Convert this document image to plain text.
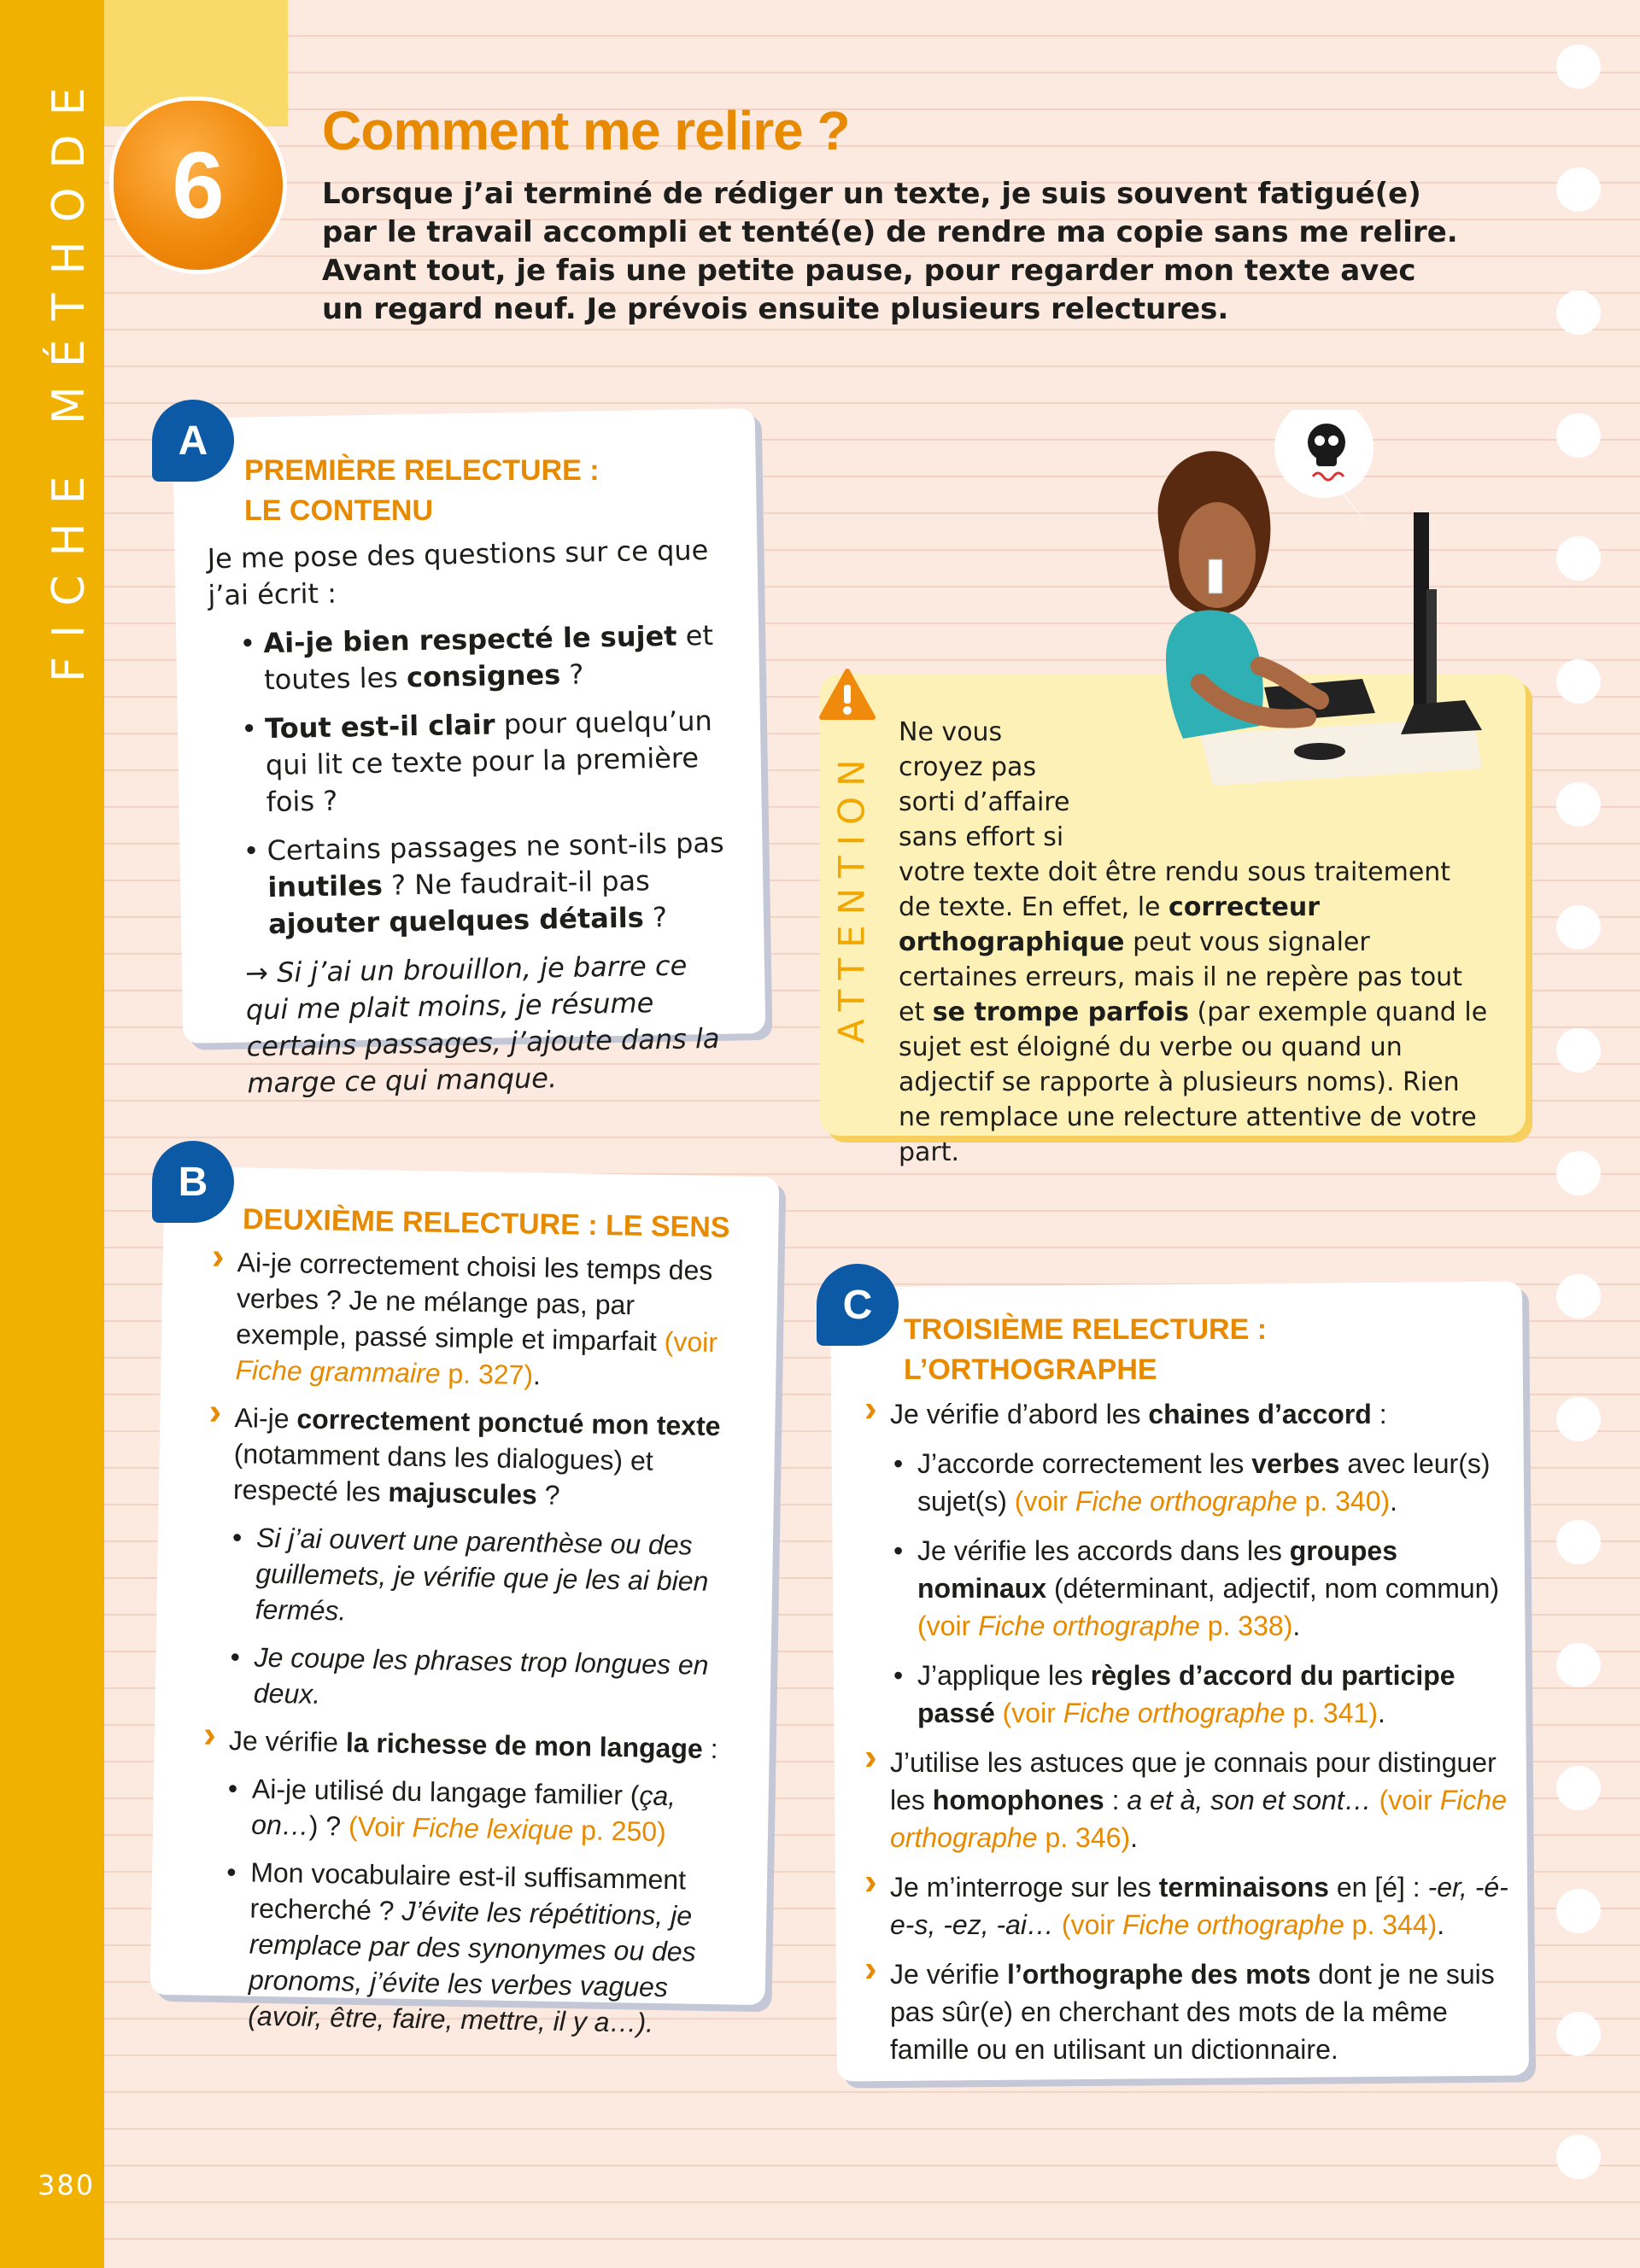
FICHE MÉTHODE
380
6
Comment me relire ?

Lorsque j’ai terminé de rédiger un texte, je suis souvent fatigué(e) par le travail accompli et tenté(e) de rendre ma copie sans me relire. Avant tout, je fais une petite pause, pour regarder mon texte avec un regard neuf. Je prévois ensuite plusieurs relectures.

A
PREMIÈRE RELECTURE :
LE CONTENU
Je me pose des questions sur ce que j’ai écrit :
• Ai-je bien respecté le sujet et toutes les consignes ?
• Tout est-il clair pour quelqu’un qui lit ce texte pour la première fois ?
• Certains passages ne sont-ils pas inutiles ? Ne faudrait-il pas ajouter quelques détails ?
→ Si j’ai un brouillon, je barre ce qui me plait moins, je résume certains passages, j’ajoute dans la marge ce qui manque.
ATTENTION
Ne vous croyez pas sorti d’affaire sans effort si votre texte doit être rendu sous traitement de texte. En effet, le correcteur orthographique peut vous signaler certaines erreurs, mais il ne repère pas tout et se trompe parfois (par exemple quand le sujet est éloigné du verbe ou quand un adjectif se rapporte à plusieurs noms). Rien ne remplace une relecture attentive de votre part.
B
DEUXIÈME RELECTURE : LE SENS
› Ai-je correctement choisi les temps des verbes ? Je ne mélange pas, par exemple, passé simple et imparfait (voir Fiche grammaire p. 327).
› Ai-je correctement ponctué mon texte (notamment dans les dialogues) et respecté les majuscules ?
• Si j’ai ouvert une parenthèse ou des guillemets, je vérifie que je les ai bien fermés.
• Je coupe les phrases trop longues en deux.
› Je vérifie la richesse de mon langage :
• Ai-je utilisé du langage familier (ça, on…) ? (Voir Fiche lexique p. 250)
• Mon vocabulaire est-il suffisamment recherché ? J’évite les répétitions, je remplace par des synonymes ou des pronoms, j’évite les verbes vagues (avoir, être, faire, mettre, il y a…).
C
TROISIÈME RELECTURE :
L’ORTHOGRAPHE
› Je vérifie d’abord les chaines d’accord :
• J’accorde correctement les verbes avec leur(s) sujet(s) (voir Fiche orthographe p. 340).
• Je vérifie les accords dans les groupes nominaux (déterminant, adjectif, nom commun) (voir Fiche orthographe p. 338).
• J’applique les règles d’accord du participe passé (voir Fiche orthographe p. 341).
› J’utilise les astuces que je connais pour distinguer les homophones : a et à, son et sont… (voir Fiche orthographe p. 346).
› Je m’interroge sur les terminaisons en [é] : -er, -é-e-s, -ez, -ai… (voir Fiche orthographe p. 344).
› Je vérifie l’orthographe des mots dont je ne suis pas sûr(e) en cherchant des mots de la même famille ou en utilisant un dictionnaire.
